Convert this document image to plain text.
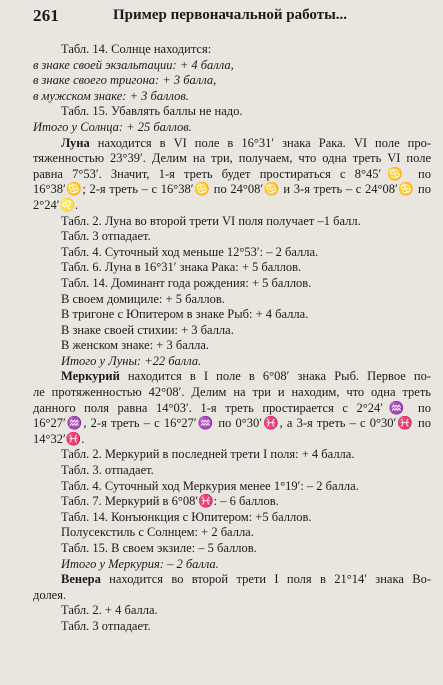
261	Пример первоначальной работы...
Табл. 14. Солнце находится:
в знаке своей экзальтации: + 4 балла,
в знаке своего тригона: + 3 балла,
в мужском знаке: + 3 баллов.
Табл. 15. Убавлять баллы не надо.
Итого у Солнца: + 25 баллов.
Луна находится в VI поле в 16°31′ знака Рака. VI поле про-
тяженностью 23°39′. Делим на три, получаем, что одна треть VI поле
равна 7°53′. Значит, 1-я треть будет простираться с 8°45′♋ по
16°38′♋; 2-я треть – с 16°38′♋ по 24°08′♋ и 3-я треть – с 24°08′♋ по
2°24′♌.
Табл. 2. Луна во второй трети VI поля получает –1 балл.
Табл. 3 отпадает.
Табл. 4. Суточный ход меньше 12°53′: – 2 балла.
Табл. 6. Луна в 16°31′ знака Рака: + 5 баллов.
Табл. 14. Доминант года рождения: + 5 баллов.
В своем домициле: + 5 баллов.
В тригоне с Юпитером в знаке Рыб: + 4 балла.
В знаке своей стихии: + 3 балла.
В женском знаке: + 3 балла.
Итого у Луны: +22 балла.
Меркурий находится в I поле в 6°08′ знака Рыб. Первое по-
ле протяженностью 42°08′. Делим на три и находим, что одна треть
данного поля равна 14°03′. 1-я треть простирается с 2°24′♒ по
16°27′♒, 2-я треть – с 16°27′♒ по 0°30′♓, а 3-я треть – с 0°30′♓ по
14°32′♓.
Табл. 2. Меркурий в последней трети I поля: + 4 балла.
Табл. 3. отпадает.
Табл. 4. Суточный ход Меркурия менее 1°19′: – 2 балла.
Табл. 7. Меркурий в 6°08′♓: – 6 баллов.
Табл. 14. Конъюнкция с Юпитером: +5 баллов.
Полусекстиль с Солнцем: + 2 балла.
Табл. 15. В своем экзиле: – 5 баллов.
Итого у Меркурия: – 2 балла.
Венера находится во второй трети I поля в 21°14′ знака Во-
долея.
Табл. 2. + 4 балла.
Табл. 3 отпадает.
